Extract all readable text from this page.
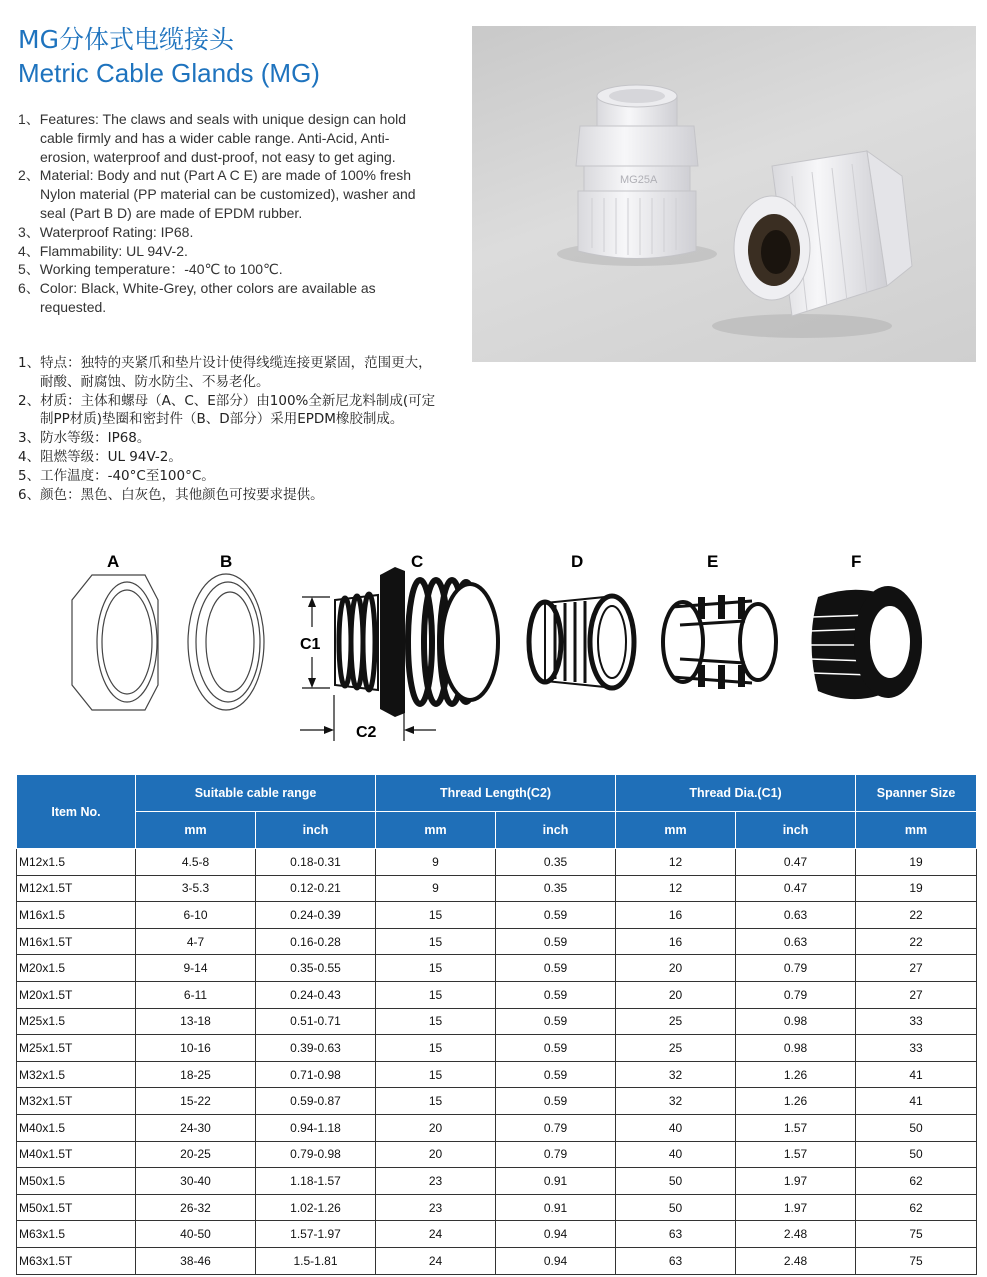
MG分体式电缆接头
Metric Cable Glands (MG)
1、Features: The claws and seals with unique design can hold cable firmly and has a wider cable range. Anti-Acid, Anti-erosion, waterproof and dust-proof, not easy to get aging.
2、Material: Body and nut (Part A C E) are made of 100% fresh Nylon material (PP material can be customized), washer and seal (Part B D) are made of EPDM rubber.
3、Waterproof Rating: IP68.
4、Flammability: UL 94V-2.
5、Working temperature：-40℃ to 100℃.
6、Color: Black, White-Grey, other colors are available as requested.
1、特点：独特的夹紧爪和垫片设计使得线缆连接更紧固，范围更大，耐酸、耐腐蚀、防水防尘、不易老化。
2、材质：主体和螺母（A、C、E部分）由100%全新尼龙料制成(可定制PP材质)垫圈和密封件（B、D部分）采用EPDM橡胶制成。
3、防水等级：IP68。
4、阻燃等级：UL 94V-2。
5、工作温度：-40°C至100°C。
6、颜色：黑色、白灰色，其他颜色可按要求提供。
MG25A
A	B	C	D	E	F
C1
C2
Item No.	Suitable cable range		Thread Length(C2)		Thread Dia.(C1)		Spanner Size
	mm	inch	mm	inch	mm	inch	mm
M12x1.5	4.5-8	0.18-0.31	9	0.35	12	0.47	19
M12x1.5T	3-5.3	0.12-0.21	9	0.35	12	0.47	19
M16x1.5	6-10	0.24-0.39	15	0.59	16	0.63	22
M16x1.5T	4-7	0.16-0.28	15	0.59	16	0.63	22
M20x1.5	9-14	0.35-0.55	15	0.59	20	0.79	27
M20x1.5T	6-11	0.24-0.43	15	0.59	20	0.79	27
M25x1.5	13-18	0.51-0.71	15	0.59	25	0.98	33
M25x1.5T	10-16	0.39-0.63	15	0.59	25	0.98	33
M32x1.5	18-25	0.71-0.98	15	0.59	32	1.26	41
M32x1.5T	15-22	0.59-0.87	15	0.59	32	1.26	41
M40x1.5	24-30	0.94-1.18	20	0.79	40	1.57	50
M40x1.5T	20-25	0.79-0.98	20	0.79	40	1.57	50
M50x1.5	30-40	1.18-1.57	23	0.91	50	1.97	62
M50x1.5T	26-32	1.02-1.26	23	0.91	50	1.97	62
M63x1.5	40-50	1.57-1.97	24	0.94	63	2.48	75
M63x1.5T	38-46	1.5-1.81	24	0.94	63	2.48	75
